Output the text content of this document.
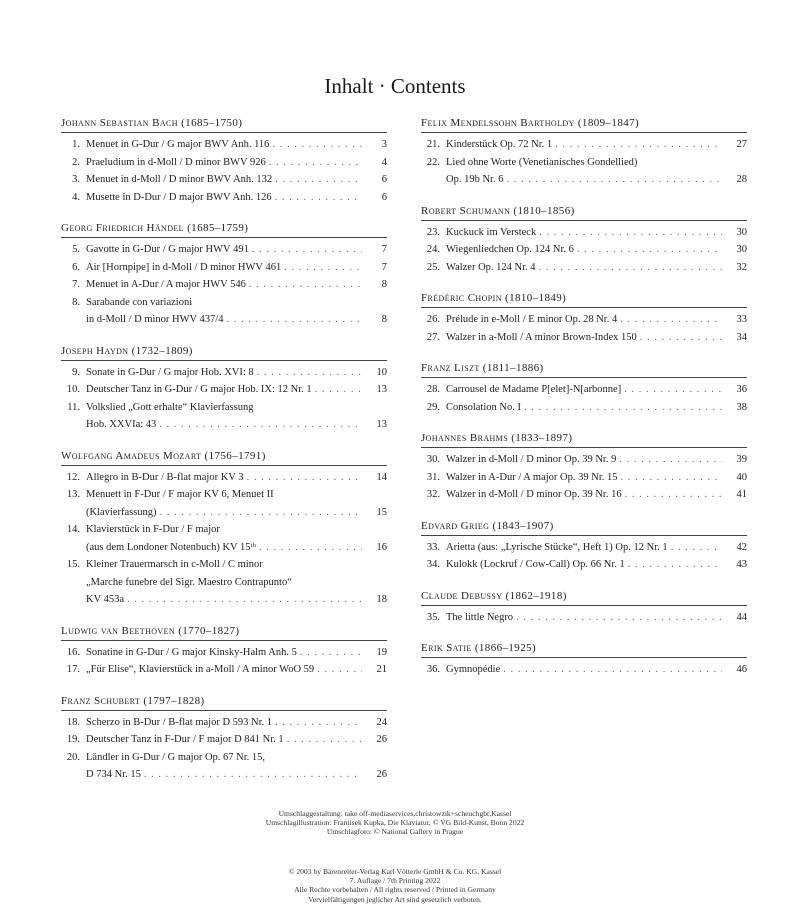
Inhalt · Contents
Johann Sebastian Bach (1685–1750)
1. Menuet in G-Dur / G major BWV Anh. 116 . . .	3
2. Praeludium in d-Moll / D minor BWV 926 . . .	4
3. Menuet in d-Moll / D minor BWV Anh. 132 . . .	6
4. Musette in D-Dur / D major BWV Anh. 126 . . .	6
Georg Friedrich Händel (1685–1759)
5. Gavotte in G-Dur / G major HWV 491 . . .	7
6. Air [Hornpipe] in d-Moll / D minor HWV 461 . . .	7
7. Menuet in A-Dur / A major HWV 546 . . .	8
8. Sarabande con variazioni
in d-Moll / D minor HWV 437/4 . . .	8
Joseph Haydn (1732–1809)
9. Sonate in G-Dur / G major Hob. XVI: 8 . . .	10
10. Deutscher Tanz in G-Dur / G major Hob. IX: 12 Nr. 1 . . .	13
11. Volkslied „Gott erhalte“ Klavierfassung
Hob. XXVIa: 43 . . .	13
Wolfgang Amadeus Mozart (1756–1791)
12. Allegro in B-Dur / B-flat major KV 3 . . .	14
13. Menuett in F-Dur / F major KV 6, Menuet II
(Klavierfassung) . . .	15
14. Klavierstück in F-Dur / F major
(aus dem Londoner Notenbuch) KV 15ᵗʰ . . .	16
15. Kleiner Trauermarsch in c-Moll / C minor
„Marche funebre del Sigr. Maestro Contrapunto“
KV 453a . . .	18
Ludwig van Beethoven (1770–1827)
16. Sonatine in G-Dur / G major Kinsky-Halm Anh. 5 . . .	19
17. „Für Elise“, Klavierstück in a-Moll / A minor WoO 59 . . .	21
Franz Schubert (1797–1828)
18. Scherzo in B-Dur / B-flat major D 593 Nr. 1 . . .	24
19. Deutscher Tanz in F-Dur / F major D 841 Nr. 1 . . .	26
20. Ländler in G-Dur / G major Op. 67 Nr. 15,
D 734 Nr. 15 . . .	26
Felix Mendelssohn Bartholdy (1809–1847)
21. Kinderstück Op. 72 Nr. 1 . . .	27
22. Lied ohne Worte (Venetianisches Gondellied)
Op. 19b Nr. 6 . . .	28
Robert Schumann (1810–1856)
23. Kuckuck im Versteck . . .	30
24. Wiegenliedchen Op. 124 Nr. 6 . . .	30
25. Walzer Op. 124 Nr. 4 . . .	32
Frédéric Chopin (1810–1849)
26. Prélude in e-Moll / E minor Op. 28 Nr. 4 . . .	33
27. Walzer in a-Moll / A minor Brown-Index 150 . . .	34
Franz Liszt (1811–1886)
28. Carrousel de Madame P[elet]-N[arbonne] . . .	36
29. Consolation No. I . . .	38
Johannes Brahms (1833–1897)
30. Walzer in d-Moll / D minor Op. 39 Nr. 9 . . .	39
31. Walzer in A-Dur / A major Op. 39 Nr. 15 . . .	40
32. Walzer in d-Moll / D minor Op. 39 Nr. 16 . . .	41
Edvard Grieg (1843–1907)
33. Arietta (aus: „Lyrische Stücke“, Heft 1) Op. 12 Nr. 1 . . .	42
34. Kulokk (Lockruf / Cow-Call) Op. 66 Nr. 1 . . .	43
Claude Debussy (1862–1918)
35. The little Negro . . .	44
Erik Satie (1866–1925)
36. Gymnopédie . . .	46
Umschlaggestaltung: take off-mediaservices,christowzik+scheuchgbr,Kassel
Umschlagillustration: Frantisek Kupka, Die Klaviatur, © VG Bild-Kunst, Bonn 2022
Umschlagfoto: © National Gallery in Prague
© 2003 by Bärenreiter-Verlag Karl Vötterle GmbH & Co. KG, Kassel
7. Auflage / 7th Printing 2022
Alle Rechte vorbehalten / All rights reserved / Printed in Germany
Vervielfältigungen jeglicher Art sind gesetzlich verboten.
